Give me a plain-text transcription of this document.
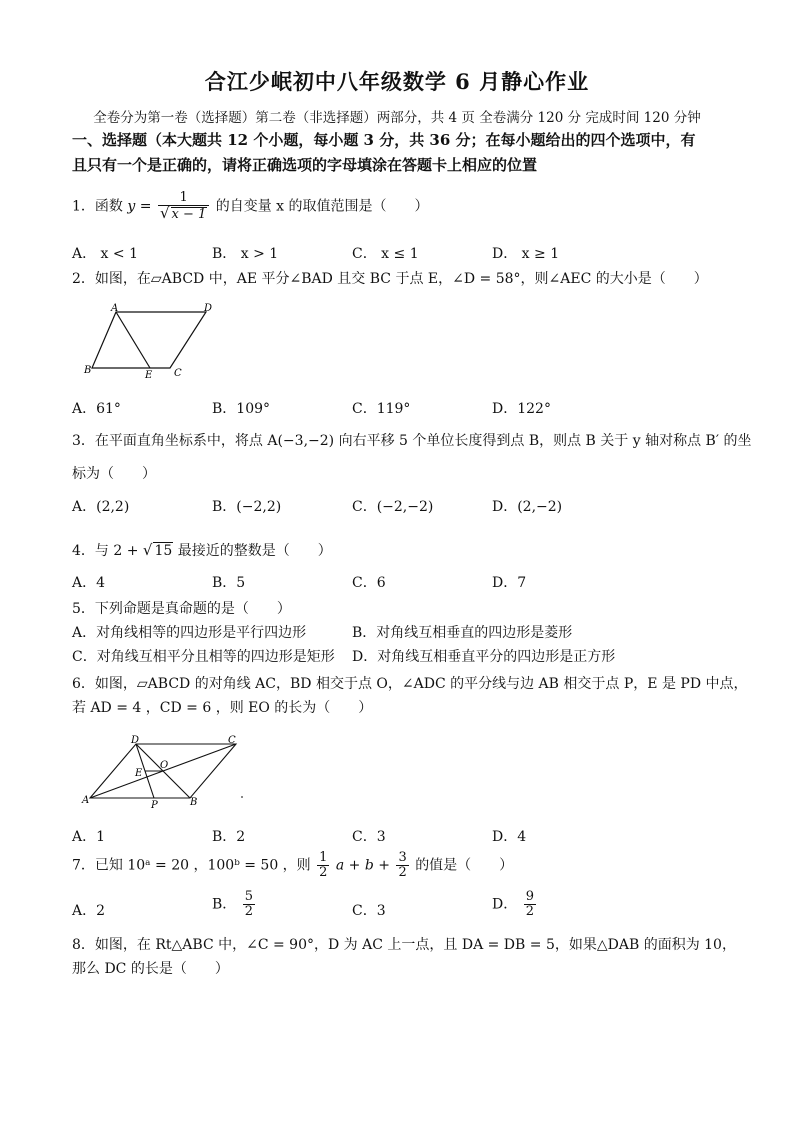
合江少岷初中八年级数学 6 月静心作业
全卷分为第一卷（选择题）第二卷（非选择题）两部分，共 4 页 全卷满分 120 分 完成时间 120 分钟
一、选择题（本大题共 12 个小题，每小题 3 分，共 36 分；在每小题给出的四个选项中，有
且只有一个是正确的，请将正确选项的字母填涂在答题卡上相应的位置
1．函数 $y = \frac{1}{√ x - 1}$ 的自变量 x 的取值范围是（　　）
A． x < 1	B． x > 1	C． x ≤ 1	D． x ≥ 1
2．如图，在▱ABCD 中，AE 平分∠BAD 且交 BC 于点 E，∠D = 58°，则∠AEC 的大小是（　　）
A	D
B	E C
A．61°	B．109°	C．119°	D．122°
3．在平面直角坐标系中，将点 A(−3,−2) 向右平移 5 个单位长度得到点 B，则点 B 关于 y 轴对称点 B′ 的坐
标为（　　）
A．(2,2)	B．(−2,2)	C．(−2,−2)	D．(2,−2)
4．与 2 + √ 15 最接近的整数是（　　）
A．4	B．5	C．6	D．7
5．下列命题是真命题的是（　　）
A．对角线相等的四边形是平行四边形	B．对角线互相垂直的四边形是菱形
C．对角线互相平分且相等的四边形是矩形 D．对角线互相垂直平分的四边形是正方形
6．如图，▱ABCD 的对角线 AC，BD 相交于点 O，∠ADC 的平分线与边 AB 相交于点 P，E 是 PD 中点，
若 AD = 4 ，CD = 6 ，则 EO 的长为（　　）
D	C
A	B
P
E
O
A．1	B．2	C．3	D．4
7．已知 10ᵃ = 20 ，100ᵇ = 50 ，则 $\frac{1}{2}$ $a + b + \frac{3}{2}$ 的值是（　　）
A．2	B． $\frac{5}{2}$	C．3	D． $\frac{9}{2}$
8．如图，在 Rt△ABC 中，∠C = 90°，D 为 AC 上一点，且 DA = DB = 5，如果△DAB 的面积为 10，
那么 DC 的长是（　　）
